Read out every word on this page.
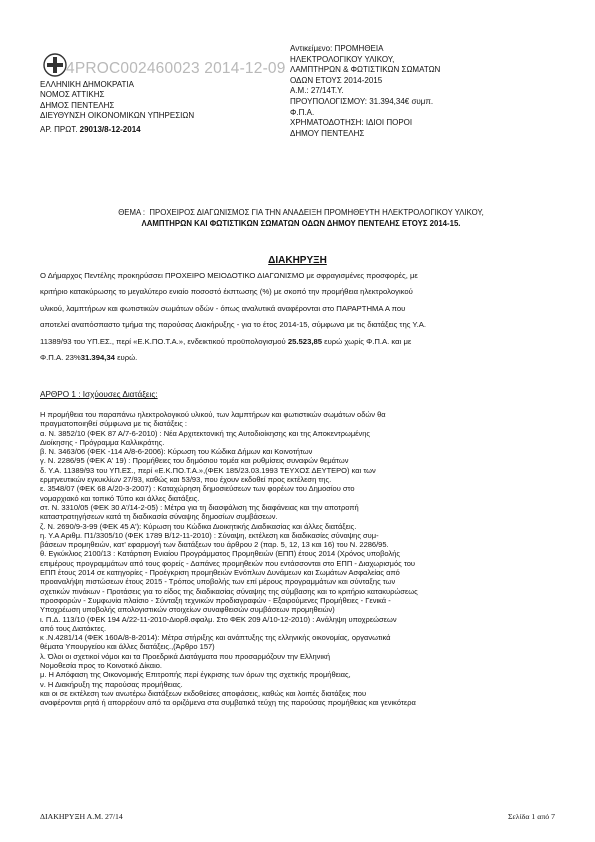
4PROC002460023 2014-12-09
ΕΛΛΗΝΙΚΗ ΔΗΜΟΚΡΑΤΙΑ
ΝΟΜΟΣ ΑΤΤΙΚΗΣ
ΔΗΜΟΣ ΠΕΝΤΕΛΗΣ
ΔΙΕΥΘΥΝΣΗ ΟΙΚΟΝΟΜΙΚΩΝ ΥΠΗΡΕΣΙΩΝ
ΑΡ. ΠΡΩΤ. 29013/8-12-2014
Αντικείμενο: ΠΡΟΜΗΘΕΙΑ
ΗΛΕΚΤΡΟΛΟΓΙΚΟΥ ΥΛΙΚΟΥ,
ΛΑΜΠΤΗΡΩΝ & ΦΩΤΙΣΤΙΚΩΝ ΣΩΜΑΤΩΝ
ΟΔΩΝ ΕΤΟΥΣ 2014-2015
Α.Μ.: 27/14Τ.Υ.
ΠΡΟΥΠΟΛΟΓΙΣΜΟΥ: 31.394,34€ συμπ.
Φ.Π.Α.
ΧΡΗΜΑΤΟΔΟΤΗΣΗ: ΙΔΙΟΙ ΠΟΡΟΙ
ΔΗΜΟΥ ΠΕΝΤΕΛΗΣ
ΘΕΜΑ : ΠΡΟΧΕΙΡΟΣ ΔΙΑΓΩΝΙΣΜΟΣ ΓΙΑ ΤΗΝ ΑΝΑΔΕΙΞΗ ΠΡΟΜΗΘΕΥΤΗ ΗΛΕΚΤΡΟΛΟΓΙΚΟΥ ΥΛΙΚΟΥ,
ΛΑΜΠΤΗΡΩΝ ΚΑΙ ΦΩΤΙΣΤΙΚΩΝ ΣΩΜΑΤΩΝ ΟΔΩΝ ΔΗΜΟΥ ΠΕΝΤΕΛΗΣ ΕΤΟΥΣ 2014-15.
ΔΙΑΚΗΡΥΞΗ
Ο Δήμαρχος Πεντέλης προκηρύσσει ΠΡΟΧΕΙΡΟ ΜΕΙΟΔΟΤΙΚΟ ΔΙΑΓΩΝΙΣΜΟ με σφραγισμένες προσφορές, με
κριτήριο κατακύρωσης το μεγαλύτερο ενιαίο ποσοστό έκπτωσης (%) με σκοπό την προμήθεια ηλεκτρολογικού
υλικού, λαμπτήρων και φωτιστικών σωμάτων οδών - όπως αναλυτικά αναφέρονται στο ΠΑΡΑΡΤΗΜΑ Α που
αποτελεί αναπόσπαστο τμήμα της παρούσας Διακήρυξης - για το έτος 2014-15, σύμφωνα με τις διατάξεις της Υ.Α.
11389/93 του ΥΠ.ΕΣ., περί «Ε.Κ.ΠΟ.Τ.Α.», ενδεικτικού προϋπολογισμού 25.523,85 ευρώ χωρίς Φ.Π.Α. και με
Φ.Π.Α. 23%31.394,34 ευρώ.
ΑΡΘΡΟ 1 : Ισχύουσες Διατάξεις:
Η προμήθεια του παραπάνω ηλεκτρολογικού υλικού, των λαμπτήρων και φωτιστικών σωμάτων οδών θα
πραγματοποιηθεί σύμφωνα με τις διατάξεις :
α. Ν. 3852/10 (ΦΕΚ 87 Α/7-6-2010) : Νέα Αρχιτεκτονική της Αυτοδιοίκησης και της Αποκεντρωμένης
Διοίκησης - Πρόγραμμα Καλλικράτης.
β. Ν. 3463/06 (ΦΕΚ -114 Α/8-6-2006): Κύρωση του Κώδικα Δήμων και Κοινοτήτων
γ. Ν. 2286/95 (ΦΕΚ Α' 19) : Προμήθειες του δημόσιου τομέα και ρυθμίσεις συναφών θεμάτων
δ. Υ.Α. 11389/93 του ΥΠ.ΕΣ., περί «Ε.Κ.ΠΟ.Τ.Α.»,(ΦΕΚ 185/23.03.1993 ΤΕΥΧΟΣ ΔΕΥΤΕΡΟ) και των
ερμηνευτικών εγκυκλίων 27/93, καθώς και 53/93, που έχουν εκδοθεί προς εκτέλεση της.
ε. 3548/07 (ΦΕΚ 68 Α/20-3-2007) : Καταχώρηση δημοσιεύσεων των φορέων του Δημοσίου στο
νομαρχιακό και τοπικό Τύπο και άλλες διατάξεις.
στ. Ν. 3310/05 (ΦΕΚ 30 Α'/14-2-05) : Μέτρα για τη διασφάλιση της διαφάνειας και την αποτροπή
καταστρατηγήσεων κατά τη διαδικασία σύναψης δημοσίων συμβάσεων.
ζ. Ν. 2690/9-3-99 (ΦΕΚ 45 Α'): Κύρωση του Κώδικα Διοικητικής Διαδικασίας και άλλες διατάξεις.
η. Υ.Α Αριθμ. Π1/3305/10 (ΦΕΚ 1789 Β/12-11-2010) : Σύναψη, εκτέλεση και διαδικασίες σύναψης συμ-
βάσεων προμηθειών, κατ' εφαρμογή των διατάξεων του άρθρου 2 (παρ. 5, 12, 13 και 16) του Ν. 2286/95.
θ. Εγκύκλιος 2100/13 : Κατάρτιση Ενιαίου Προγράμματος Προμηθειών (ΕΠΠ) έτους 2014 (Χρόνος υποβολής
επιμέρους προγραμμάτων από τους φορείς - Δαπάνες προμηθειών που εντάσσονται στο ΕΠΠ - Διαχωρισμός του
ΕΠΠ έτους 2014 σε κατηγορίες - Προέγκριση προμηθειών Ενόπλων Δυνάμεων και Σωμάτων Ασφαλείας από
προαναλήψη πιστώσεων έτους 2015 - Τρόπος υποβολής των επί μέρους προγραμμάτων και σύνταξης των
σχετικών πινάκων - Προτάσεις για το είδος της διαδικασίας σύναψης της σύμβασης και το κριτήριο κατακυρώσεως
προσφορών - Συμφωνία πλαίσιο - Σύνταξη τεχνικών προδιαγραφών - Εξαιρούμενες Προμήθειες - Γενικά -
Υποχρέωση υποβολής απολογιστικών στοιχείων συναφθεισών συμβάσεων προμηθειών)
ι. Π.Δ. 113/10 (ΦΕΚ 194 Α/22-11-2010-Διορθ.σφαλμ. Στο ΦΕΚ 209 Α/10-12-2010) : Ανάληψη υποχρεώσεων
από τους Διατάκτες.
κ .Ν.4281/14 (ΦΕΚ 160Α/8-8-2014): Μέτρα στήριξης και ανάπτυξης της ελληνικής οικονομίας, οργανωτικά
θέματα Υπουργείου και άλλες διατάξεις.,(Άρθρο 157)
λ. Όλοι οι σχετικοί νόμοι και τα Προεδρικά Διατάγματα που προσαρμόζουν την Ελληνική
Νομοθεσία προς το Κοινοτικό Δίκαιο.
μ. Η Απόφαση της Οικονομικής Επιτροπής περί έγκρισης των όρων της σχετικής προμήθειας,
ν. Η Διακήρυξη της παρούσας προμήθειας.
και οι σε εκτέλεση των ανωτέρω διατάξεων εκδοθείσες αποφάσεις, καθώς και λοιπές διατάξεις που
αναφέρονται ρητά ή απορρέουν από τα οριζόμενα στα συμβατικά τεύχη της παρούσας προμήθειας και γενικότερα
ΔΙΑΚΗΡΥΞΗ Α.Μ. 27/14	Σελίδα 1 από 7
